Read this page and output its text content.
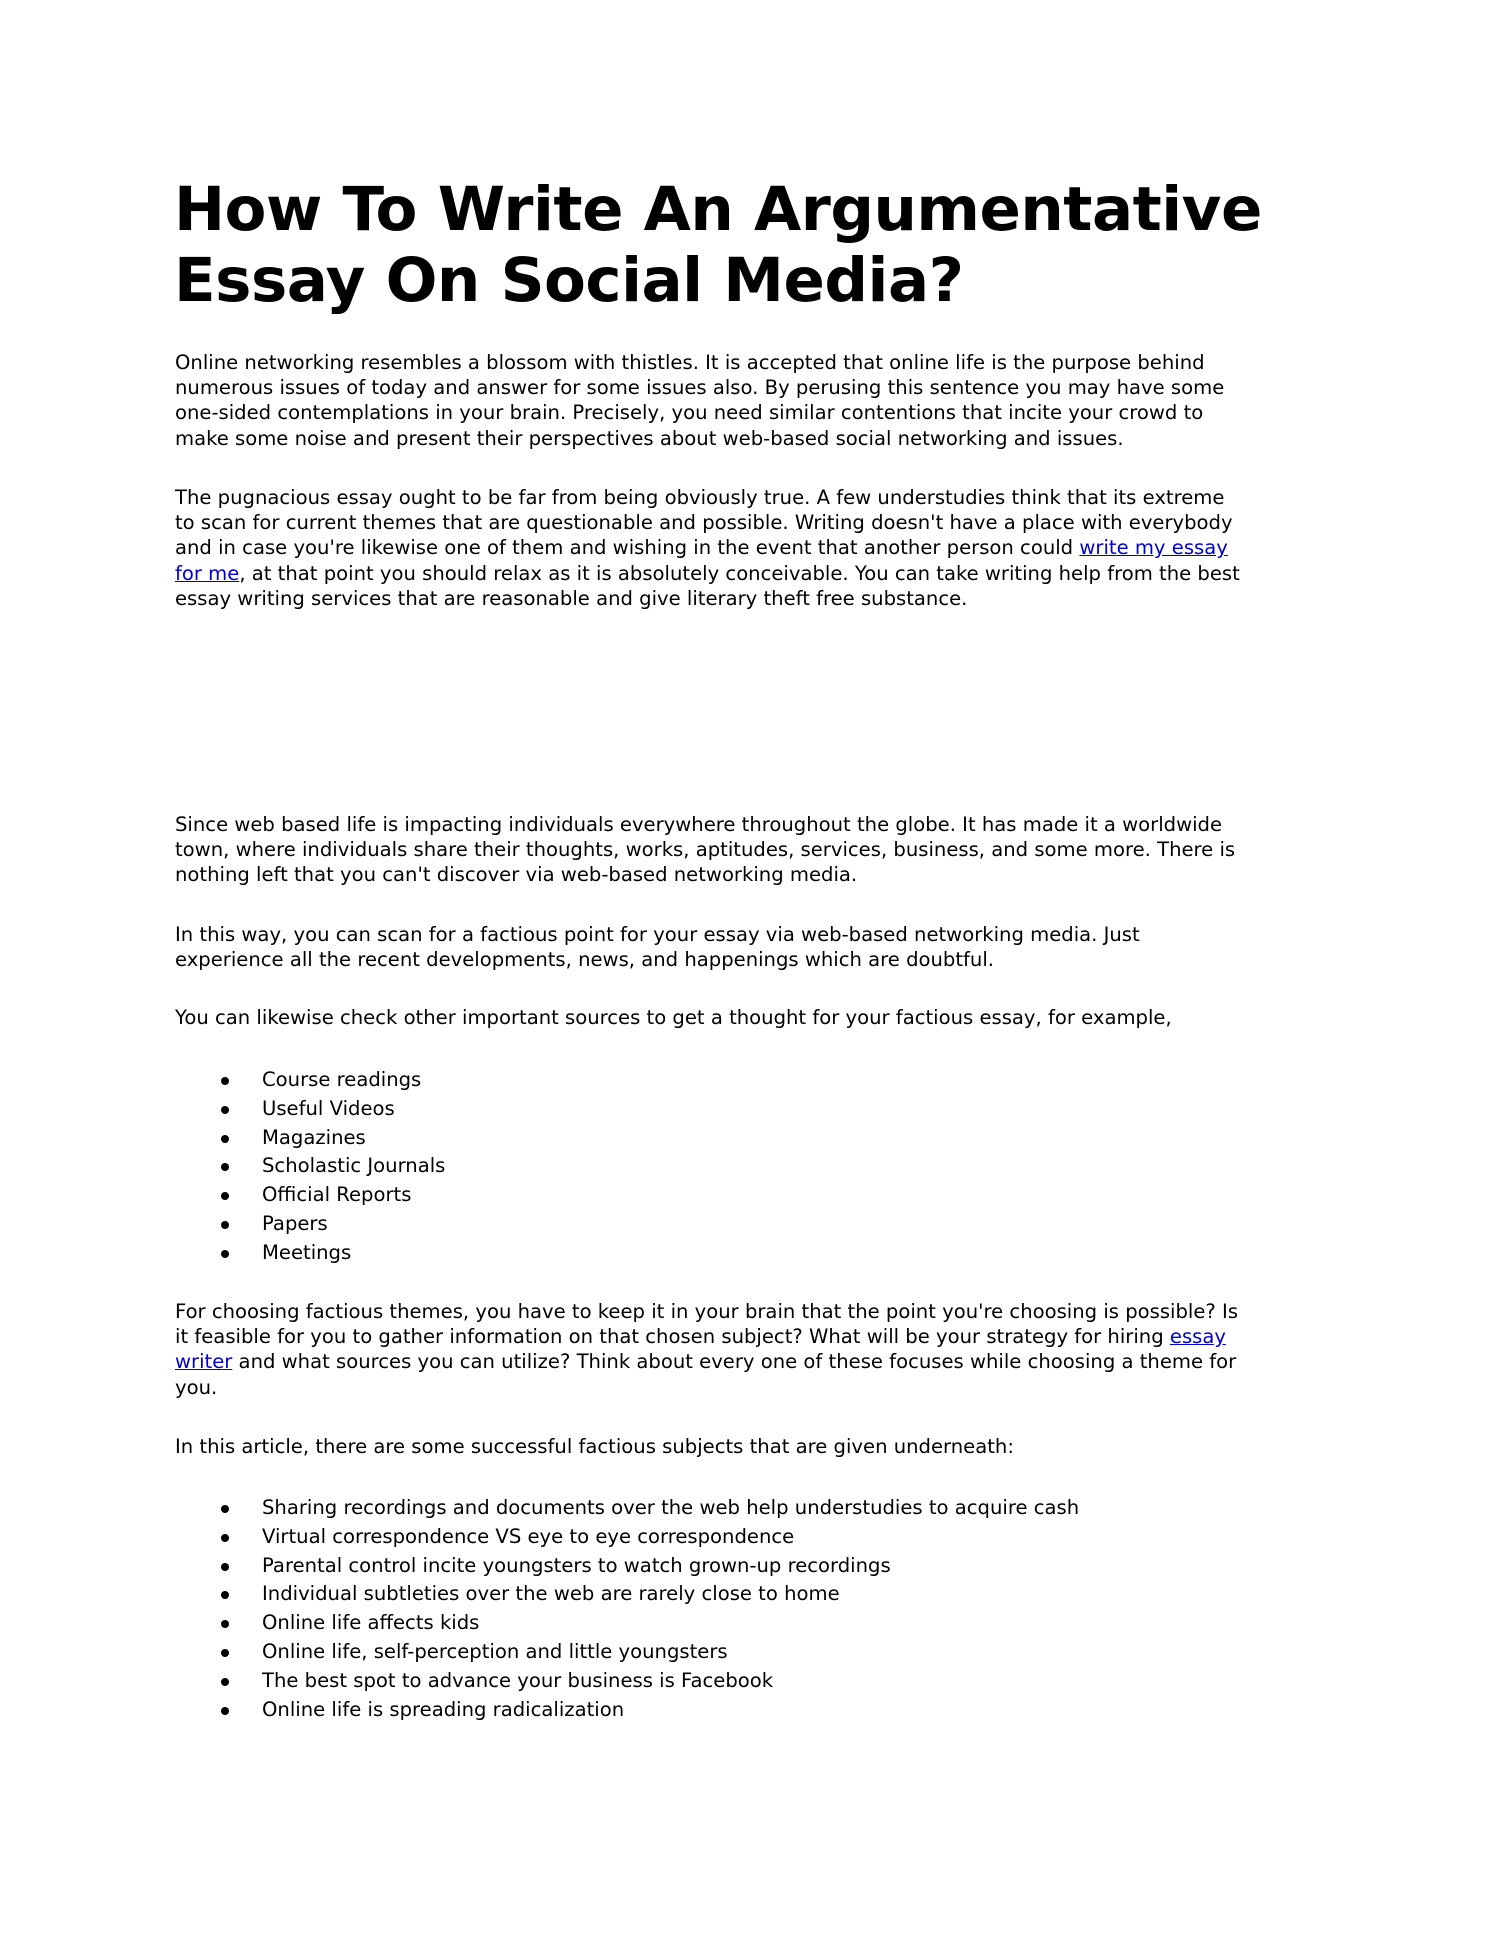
How To Write An Argumentative
Essay On Social Media?
Online networking resembles a blossom with thistles. It is accepted that online life is the purpose behind
numerous issues of today and answer for some issues also. By perusing this sentence you may have some
one-sided contemplations in your brain. Precisely, you need similar contentions that incite your crowd to
make some noise and present their perspectives about web-based social networking and issues.
The pugnacious essay ought to be far from being obviously true. A few understudies think that its extreme
to scan for current themes that are questionable and possible. Writing doesn't have a place with everybody
and in case you're likewise one of them and wishing in the event that another person could write my essay
for me, at that point you should relax as it is absolutely conceivable. You can take writing help from the best
essay writing services that are reasonable and give literary theft free substance.
Since web based life is impacting individuals everywhere throughout the globe. It has made it a worldwide
town, where individuals share their thoughts, works, aptitudes, services, business, and some more. There is
nothing left that you can't discover via web-based networking media.
In this way, you can scan for a factious point for your essay via web-based networking media. Just
experience all the recent developments, news, and happenings which are doubtful.
You can likewise check other important sources to get a thought for your factious essay, for example,
Course readings
Useful Videos
Magazines
Scholastic Journals
Official Reports
Papers
Meetings
For choosing factious themes, you have to keep it in your brain that the point you're choosing is possible? Is
it feasible for you to gather information on that chosen subject? What will be your strategy for hiring essay
writer and what sources you can utilize? Think about every one of these focuses while choosing a theme for
you.
In this article, there are some successful factious subjects that are given underneath:
Sharing recordings and documents over the web help understudies to acquire cash
Virtual correspondence VS eye to eye correspondence
Parental control incite youngsters to watch grown-up recordings
Individual subtleties over the web are rarely close to home
Online life affects kids
Online life, self-perception and little youngsters
The best spot to advance your business is Facebook
Online life is spreading radicalization
